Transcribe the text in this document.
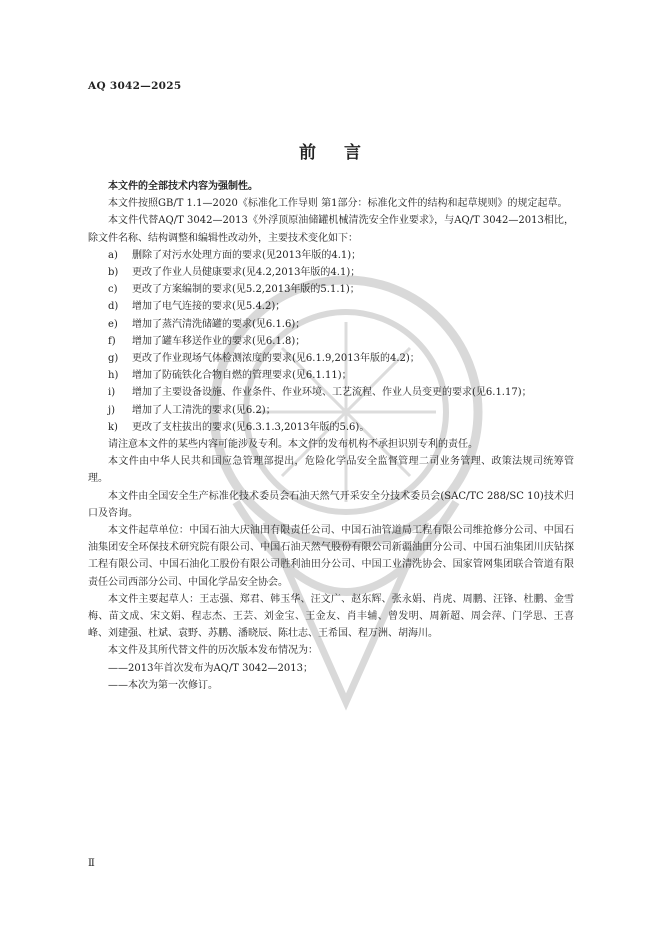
AQ 3042—2025
前 言

本文件的全部技术内容为强制性。

本文件按照GB/T 1.1—2020《标准化工作导则 第1部分：标准化文件的结构和起草规则》的规定起草。

本文件代替AQ/T 3042—2013《外浮顶原油储罐机械清洗安全作业要求》，与AQ/T 3042—2013相比，除文件名称、结构调整和编辑性改动外，主要技术变化如下：

a) 删除了对污水处理方面的要求(见2013年版的4.1)；

b) 更改了作业人员健康要求(见4.2,2013年版的4.1)；

c) 更改了方案编制的要求(见5.2,2013年版的5.1.1)；

d) 增加了电气连接的要求(见5.4.2)；

e) 增加了蒸汽清洗储罐的要求(见6.1.6)；

f) 增加了罐车移送作业的要求(见6.1.8)；

g) 更改了作业现场气体检测浓度的要求(见6.1.9,2013年版的4.2)；

h) 增加了防硫铁化合物自燃的管理要求(见6.1.11)；

i) 增加了主要设备设施、作业条件、作业环境、工艺流程、作业人员变更的要求(见6.1.17)；

j) 增加了人工清洗的要求(见6.2)；

k) 更改了支柱拔出的要求(见6.3.1.3,2013年版的5.6)。

请注意本文件的某些内容可能涉及专利。本文件的发布机构不承担识别专利的责任。

本文件由中华人民共和国应急管理部提出，危险化学品安全监督管理二司业务管理、政策法规司统筹管理。

本文件由全国安全生产标准化技术委员会石油天然气开采安全分技术委员会(SAC/TC 288/SC 10)技术归口及咨询。

本文件起草单位：中国石油大庆油田有限责任公司、中国石油管道局工程有限公司维抢修分公司、中国石油集团安全环保技术研究院有限公司、中国石油天然气股份有限公司新疆油田分公司、中国石油集团川庆钻探工程有限公司、中国石油化工股份有限公司胜利油田分公司、中国工业清洗协会、国家管网集团联合管道有限责任公司西部分公司、中国化学品安全协会。

本文件主要起草人：王志强、郑君、韩玉华、汪文广、赵东辉、张永娟、肖虎、周鹏、汪锋、杜鹏、金雪梅、苗文成、宋文娟、程志杰、王芸、刘金宝、王金友、肖丰辅、曾发明、周新超、周会萍、门学思、王喜峰、刘建强、杜斌、袁野、苏鹏、潘晓辰、陈壮志、王希国、程万洲、胡海川。

本文件及其所代替文件的历次版本发布情况为：

——2013年首次发布为AQ/T 3042—2013；

——本次为第一次修订。

Ⅱ
